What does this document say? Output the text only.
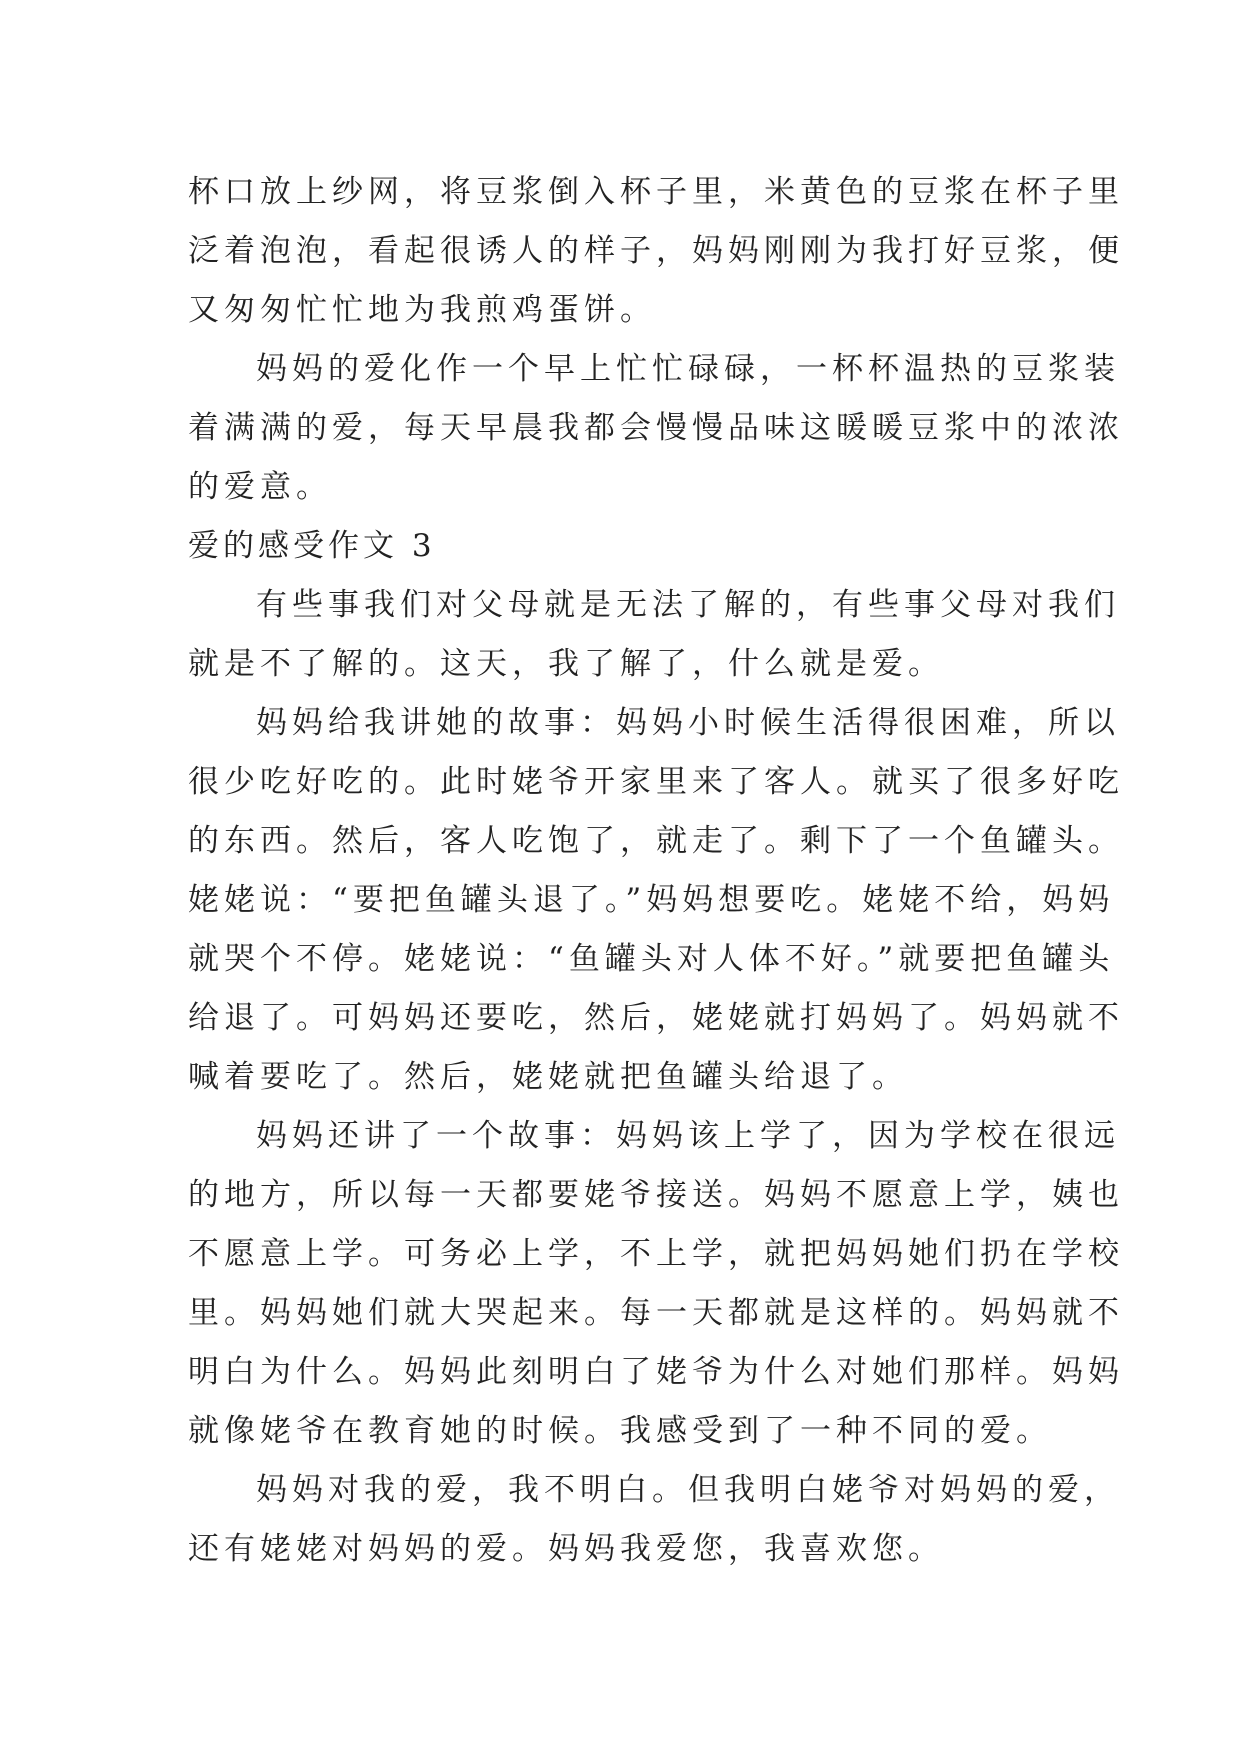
杯口放上纱网，将豆浆倒入杯子里，米黄色的豆浆在杯子里
泛着泡泡，看起很诱人的样子，妈妈刚刚为我打好豆浆，便
又匆匆忙忙地为我煎鸡蛋饼。
妈妈的爱化作一个早上忙忙碌碌，一杯杯温热的豆浆装
着满满的爱，每天早晨我都会慢慢品味这暖暖豆浆中的浓浓
的爱意。
爱的感受作文 3
有些事我们对父母就是无法了解的，有些事父母对我们
就是不了解的。这天，我了解了，什么就是爱。
妈妈给我讲她的故事：妈妈小时候生活得很困难，所以
很少吃好吃的。此时姥爷开家里来了客人。就买了很多好吃
的东西。然后，客人吃饱了，就走了。剩下了一个鱼罐头。
姥姥说：“要把鱼罐头退了。”妈妈想要吃。姥姥不给，妈妈
就哭个不停。姥姥说：“鱼罐头对人体不好。”就要把鱼罐头
给退了。可妈妈还要吃，然后，姥姥就打妈妈了。妈妈就不
喊着要吃了。然后，姥姥就把鱼罐头给退了。
妈妈还讲了一个故事：妈妈该上学了，因为学校在很远
的地方，所以每一天都要姥爷接送。妈妈不愿意上学，姨也
不愿意上学。可务必上学，不上学，就把妈妈她们扔在学校
里。妈妈她们就大哭起来。每一天都就是这样的。妈妈就不
明白为什么。妈妈此刻明白了姥爷为什么对她们那样。妈妈
就像姥爷在教育她的时候。我感受到了一种不同的爱。
妈妈对我的爱，我不明白。但我明白姥爷对妈妈的爱，
还有姥姥对妈妈的爱。妈妈我爱您，我喜欢您。
